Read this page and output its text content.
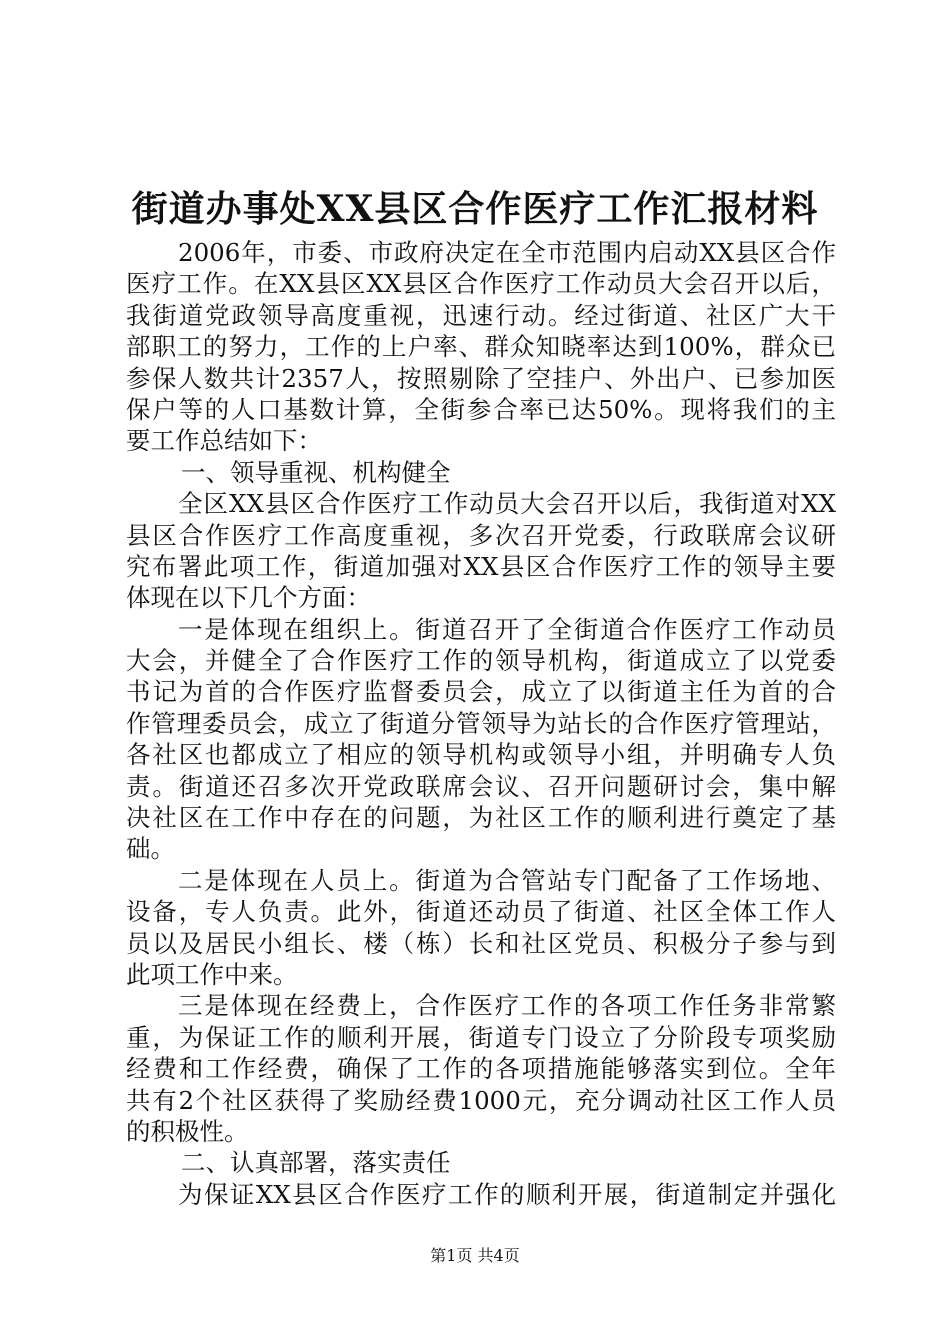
街道办事处XX县区合作医疗工作汇报材料
2006年，市委、市政府决定在全市范围内启动XX县区合作
医疗工作。在XX县区XX县区合作医疗工作动员大会召开以后，
我街道党政领导高度重视，迅速行动。经过街道、社区广大干
部职工的努力，工作的上户率、群众知晓率达到100%，群众已
参保人数共计2357人，按照剔除了空挂户、外出户、已参加医
保户等的人口基数计算，全街参合率已达50%。现将我们的主
要工作总结如下：
一、领导重视、机构健全
全区XX县区合作医疗工作动员大会召开以后，我街道对XX
县区合作医疗工作高度重视，多次召开党委，行政联席会议研
究布署此项工作，街道加强对XX县区合作医疗工作的领导主要
体现在以下几个方面：
一是体现在组织上。街道召开了全街道合作医疗工作动员
大会，并健全了合作医疗工作的领导机构，街道成立了以党委
书记为首的合作医疗监督委员会，成立了以街道主任为首的合
作管理委员会，成立了街道分管领导为站长的合作医疗管理站，
各社区也都成立了相应的领导机构或领导小组，并明确专人负
责。街道还召多次开党政联席会议、召开问题研讨会，集中解
决社区在工作中存在的问题，为社区工作的顺利进行奠定了基
础。
二是体现在人员上。街道为合管站专门配备了工作场地、
设备，专人负责。此外，街道还动员了街道、社区全体工作人
员以及居民小组长、楼（栋）长和社区党员、积极分子参与到
此项工作中来。
三是体现在经费上，合作医疗工作的各项工作任务非常繁
重，为保证工作的顺利开展，街道专门设立了分阶段专项奖励
经费和工作经费，确保了工作的各项措施能够落实到位。全年
共有2个社区获得了奖励经费1000元，充分调动社区工作人员
的积极性。
二、认真部署，落实责任
为保证XX县区合作医疗工作的顺利开展，街道制定并强化
第1页 共4页
